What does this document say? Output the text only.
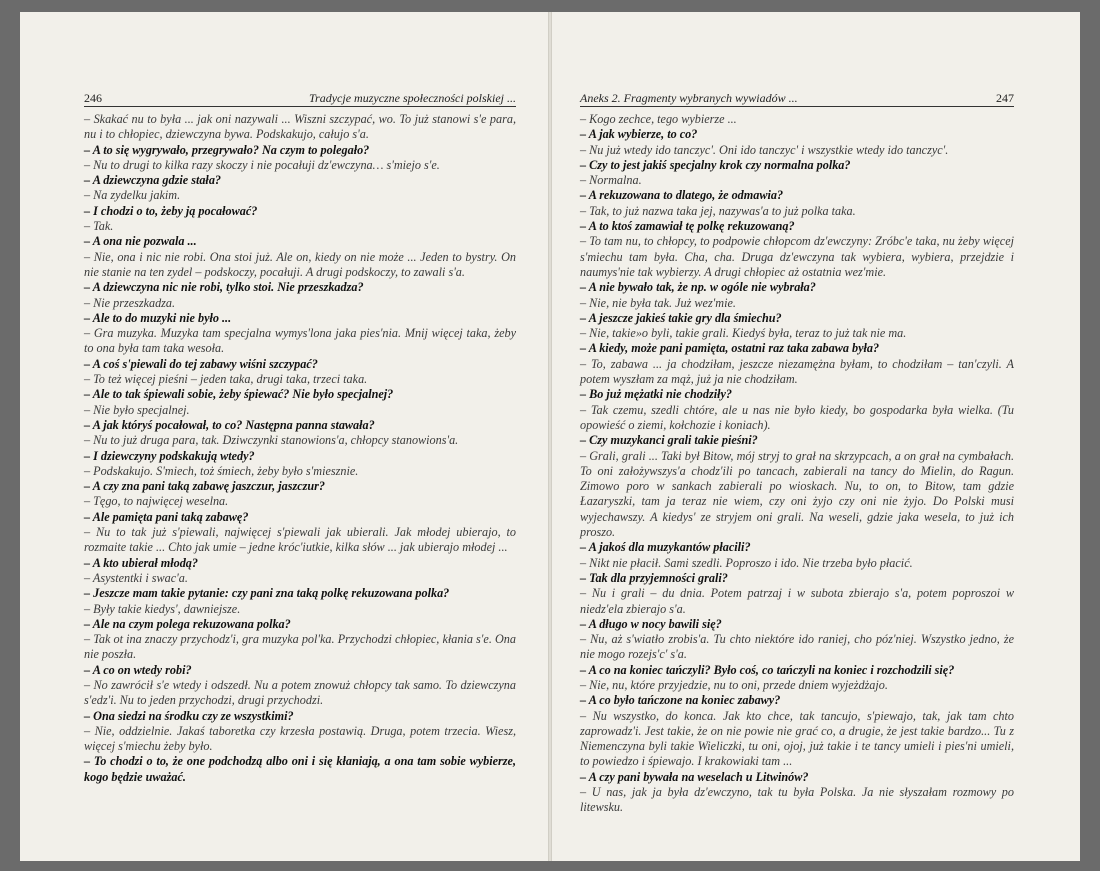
246	Tradycje muzyczne społeczności polskiej ...

– Skakać nu to była ... jak oni nazywali ... Wiszni szczypać, wo. To już stanowi s'e para, nu i to chłopiec, dziewczyna bywa. Podskakujo, całujo s'a.

– A to się wygrywało, przegrywało? Na czym to polegało?

– Nu to drugi to kilka razy skoczy i nie pocałuji dz'ewczyna… s'miejo s'e.

– A dziewczyna gdzie stała?

– Na zydelku jakim.

– I chodzi o to, żeby ją pocałować?

– Tak.

– A ona nie pozwala ...

– Nie, ona i nic nie robi. Ona stoi już. Ale on, kiedy on nie może ... Jeden to bystry. On nie stanie na ten zydel – podskoczy, pocałuji. A drugi podskoczy, to zawali s'a.

– A dziewczyna nic nie robi, tylko stoi. Nie przeszkadza?

– Nie przeszkadza.

– Ale to do muzyki nie było ...

– Gra muzyka. Muzyka tam specjalna wymys'lona jaka pies'nia. Mnij więcej taka, żeby to ona była tam taka wesoła.

– A coś s'piewali do tej zabawy wiśni szczypać?

– To też więcej pieśni – jeden taka, drugi taka, trzeci taka.

– Ale to tak śpiewali sobie, żeby śpiewać? Nie było specjalnej?

– Nie było specjalnej.

– A jak któryś pocałował, to co? Następna panna stawała?

– Nu to już druga para, tak. Dziwczynki stanowions'a, chłopcy stanowions'a.

– I dziewczyny podskakują wtedy?

– Podskakujo. S'miech, toż śmiech, żeby było s'miesznie.

– A czy zna pani taką zabawę jaszczur, jaszczur?

– Tęgo, to najwięcej weselna.

– Ale pamięta pani taką zabawę?

– Nu to tak już s'piewali, najwięcej s'piewali jak ubierali. Jak młodej ubierajo, to rozmaite takie ... Chto jak umie – jedne króc'iutkie, kilka słów ... jak ubierajo młodej ...

– A kto ubierał młodą?

– Asystentki i swac'a.

– Jeszcze mam takie pytanie: czy pani zna taką polkę rekuzowana polka?

– Były takie kiedys', dawniejsze.

– Ale na czym polega rekuzowana polka?

– Tak ot ina znaczy przychodz'i, gra muzyka pol'ka. Przychodzi chłopiec, kłania s'e. Ona nie poszła.

– A co on wtedy robi?

– No zawrócił s'e wtedy i odszedł. Nu a potem znowuż chłopcy tak samo. To dziewczyna s'edz'i. Nu to jeden przychodzi, drugi przychodzi.

– Ona siedzi na środku czy ze wszystkimi?

– Nie, oddzielnie. Jakaś taboretka czy krzesła postawią. Druga, potem trzecia. Wiesz, więcej s'miechu żeby było.

– To chodzi o to, że one podchodzą albo oni i się kłaniają, a ona tam sobie wybierze, kogo będzie uważać.

Aneks 2. Fragmenty wybranych wywiadów ...	247

– Kogo zechce, tego wybierze ...

– A jak wybierze, to co?

– Nu już wtedy ido tanczyc'. Oni ido tanczyc' i wszystkie wtedy ido tanczyc'.

– Czy to jest jakiś specjalny krok czy normalna polka?

– Normalna.

– A rekuzowana to dlatego, że odmawia?

– Tak, to już nazwa taka jej, nazywas'a to już polka taka.

– A to ktoś zamawiał tę polkę rekuzowaną?

– To tam nu, to chłopcy, to podpowie chłopcom dz'ewczyny: Zróbc'e taka, nu żeby więcej s'miechu tam była. Cha, cha. Druga dz'ewczyna tak wybiera, wybiera, przejdzie i naumys'nie tak wybierzy. A drugi chłopiec aż ostatnia wez'mie.

– A nie bywało tak, że np. w ogóle nie wybrała?

– Nie, nie była tak. Już wez'mie.

– A jeszcze jakieś takie gry dla śmiechu?

– Nie, takie»o byli, takie grali. Kiedyś była, teraz to już tak nie ma.

– A kiedy, może pani pamięta, ostatni raz taka zabawa była?

– To, zabawa ... ja chodziłam, jeszcze niezamężna byłam, to chodziłam – tan'czyli. A potem wyszłam za mąż, już ja nie chodziłam.

– Bo już mężatki nie chodziły?

– Tak czemu, szedli chtóre, ale u nas nie było kiedy, bo gospodarka była wielka. (Tu opowieść o ziemi, kołchozie i koniach).

– Czy muzykanci grali takie pieśni?

– Grali, grali ... Taki był Bitow, mój stryj to grał na skrzypcach, a on grał na cymbałach. To oni założywszys'a chodz'ili po tancach, zabierali na tancy do Mielin, do Ragun. Zimowo poro w sankach zabierali po wioskach. Nu, to on, to Bitow, tam gdzie Łazaryszki, tam ja teraz nie wiem, czy oni żyjo czy oni nie żyjo. Do Polski musi wyjechawszy. A kiedys' ze stryjem oni grali. Na weseli, gdzie jaka wesela, to już ich proszo.

– A jakoś dla muzykantów płacili?

– Nikt nie płacił. Sami szedli. Poproszo i ido. Nie trzeba było płacić.

– Tak dla przyjemności grali?

– Nu i grali – du dnia. Potem patrzaj i w subota zbierajo s'a, potem poproszoi w niedz'ela zbierajo s'a.

– A długo w nocy bawili się?

– Nu, aż s'wiatło zrobis'a. Tu chto niektóre ido raniej, cho póz'niej. Wszystko jedno, że nie mogo rozejs'c' s'a.

– A co na koniec tańczyli? Było coś, co tańczyli na koniec i rozchodzili się?

– Nie, nu, które przyjedzie, nu to oni, przede dniem wyjeżdżajo.

– A co było tańczone na koniec zabawy?

– Nu wszystko, do konca. Jak kto chce, tak tancujo, s'piewajo, tak, jak tam chto zaprowadz'i. Jest takie, że on nie powie nie grać co, a drugie, że jest takie bardzo... Tu z Niemenczyna byli takie Wieliczki, tu oni, ojoj, już takie i te tancy umieli i pies'ni umieli, to powiedzo i śpiewajo. I krakowiaki tam ...

– A czy pani bywała na weselach u Litwinów?

– U nas, jak ja była dz'ewczyno, tak tu była Polska. Ja nie słyszałam rozmowy po litewsku.
